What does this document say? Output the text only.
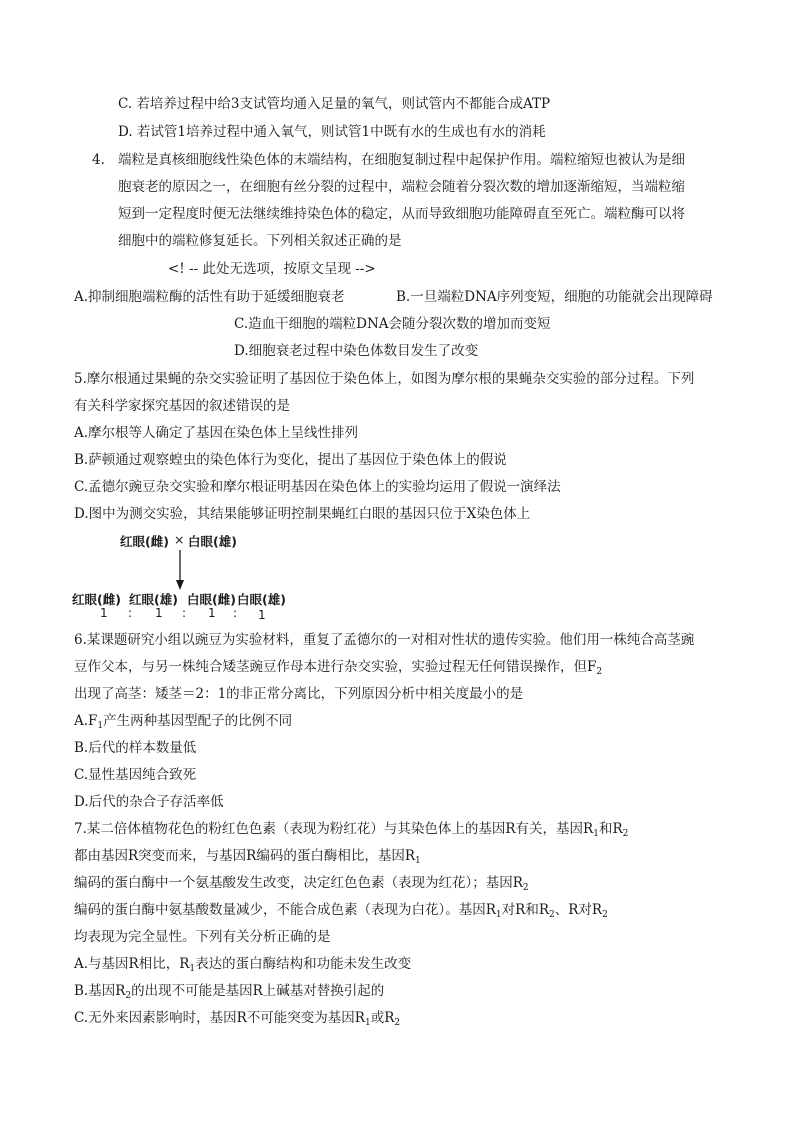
C. 若培养过程中给3支试管均通入足量的氧气，则试管内不都能合成ATP
D. 若试管1培养过程中通入氧气，则试管1中既有水的生成也有水的消耗
4. 端粒是真核细胞线性染色体的末端结构，在细胞复制过程中起保护作用。端粒缩短也被认为是细
胞衰老的原因之一，在细胞有丝分裂的过程中，端粒会随着分裂次数的增加逐渐缩短，当端粒缩
短到一定程度时便无法继续维持染色体的稳定，从而导致细胞功能障碍直至死亡。端粒酶可以将
细胞中的端粒修复延长。下列相关叙述正确的是
<! -- 此处无选项，按原文呈现 -->
A.抑制细胞端粒酶的活性有助于延缓细胞衰老	B.一旦端粒DNA序列变短，细胞的功能就会出现障碍
C.造血干细胞的端粒DNA会随分裂次数的增加而变短
D.细胞衰老过程中染色体数目发生了改变
5.摩尔根通过果蝇的杂交实验证明了基因位于染色体上，如图为摩尔根的果蝇杂交实验的部分过程。下列
有关科学家探究基因的叙述错误的是
A.摩尔根等人确定了基因在染色体上呈线性排列
B.萨顿通过观察蝗虫的染色体行为变化，提出了基因位于染色体上的假说
C.孟德尔豌豆杂交实验和摩尔根证明基因在染色体上的实验均运用了假说一演绎法
D.图中为测交实验，其结果能够证明控制果蝇红白眼的基因只位于X染色体上
红眼(雌) × 白眼(雄)
红眼(雌) 红眼(雄) 白眼(雌) 白眼(雄)
1 : 1 : 1 : 1
6.某课题研究小组以豌豆为实验材料，重复了孟德尔的一对相对性状的遗传实验。他们用一株纯合高茎豌
豆作父本，与另一株纯合矮茎豌豆作母本进行杂交实验，实验过程无任何错误操作，但$F_2$
出现了高茎：矮茎＝2：1的非正常分离比，下列原因分析中相关度最小的是
$A.F_1$产生两种基因型配子的比例不同
B.后代的样本数量低
C.显性基因纯合致死
D.后代的杂合子存活率低
7.某二倍体植物花色的粉红色色素（表现为粉红花）与其染色体上的基因R有关，基因$R_1$和$R_2$
都由基因R突变而来，与基因R编码的蛋白酶相比，基因$R_1$
编码的蛋白酶中一个氨基酸发生改变，决定红色色素（表现为红花）；基因$R_2$
编码的蛋白酶中氨基酸数量减少，不能合成色素（表现为白花）。基因$R_1$对R和$R_2$、R对$R_2$
均表现为完全显性。下列有关分析正确的是
A.与基因R相比，$R_1$表达的蛋白酶结构和功能未发生改变
B.基因$R_2$的出现不可能是基因R上碱基对替换引起的
C.无外来因素影响时，基因R不可能突变为基因$R_1$或$R_2$
